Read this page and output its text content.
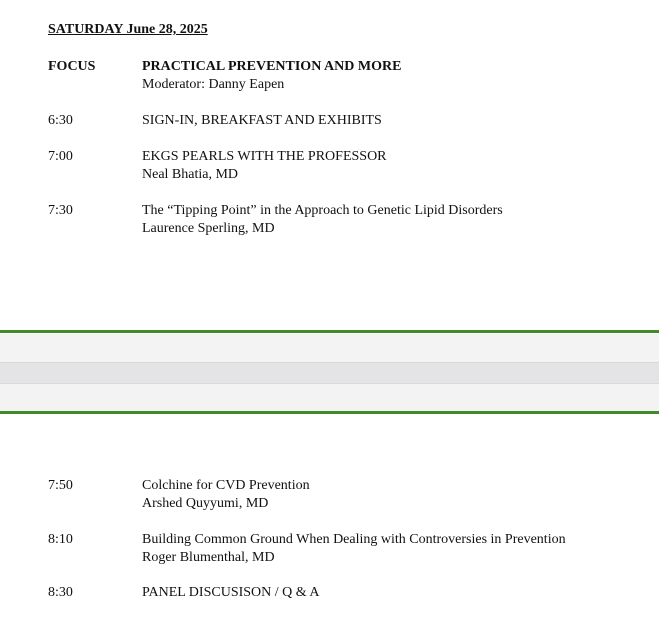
SATURDAY June 28, 2025
FOCUS	PRACTICAL PREVENTION AND MORE
Moderator: Danny Eapen
6:30	SIGN-IN, BREAKFAST AND EXHIBITS
7:00	EKGS PEARLS WITH THE PROFESSOR
Neal Bhatia, MD
7:30	The “Tipping Point” in the Approach to Genetic Lipid Disorders
Laurence Sperling, MD
7:50	Colchine for CVD Prevention
Arshed Quyyumi, MD
8:10	Building Common Ground When Dealing with Controversies in Prevention
Roger Blumenthal, MD
8:30	PANEL DISCUSISON / Q & A
